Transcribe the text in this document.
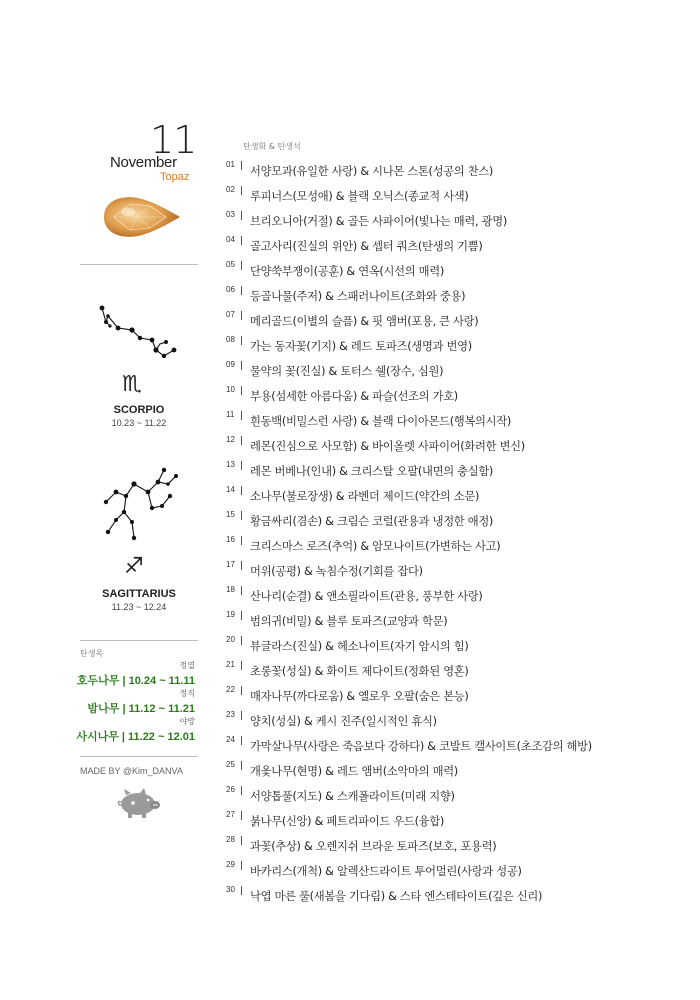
11
November
Topaz
♏
SCORPIO
10.23 ~ 11.22
♐
SAGITTARIUS
11.23 ~ 12.24
탄생목
정열
호두나무 | 10.24 ~ 11.11
정직
밤나무 | 11.12 ~ 11.21
야망
사시나무 | 11.22 ~ 12.01
MADE BY @Kim_DANVA
탄생화 & 탄생석
01서양모과(유일한 사랑) & 시나몬 스톤(성공의 찬스)
02루피너스(모성애) & 블랙 오닉스(종교적 사색)
03브리오니아(거절) & 골든 사파이어(빛나는 매력, 광명)
04골고사리(진실의 위안) & 셉터 쿼츠(탄생의 기쁨)
05단양쑥부쟁이(공훈) & 연옥(시선의 매력)
06등골나물(주저) & 스패러나이트(조화와 중용)
07메리골드(이별의 슬픔) & 핏 앰버(포용, 큰 사랑)
08가는 동자꽃(기지) & 레드 토파즈(생명과 번영)
09물약의 꽃(진실) & 토터스 쉘(장수, 심원)
10부용(섬세한 아름다움) & 파슬(선조의 가호)
11흰동백(비밀스런 사랑) & 블랙 다이아몬드(행복의시작)
12레몬(진심으로 사모함) & 바이올렛 사파이어(화려한 변신)
13레몬 버베나(인내) & 크리스탈 오팔(내면의 충실함)
14소나무(불로장생) & 라벤더 제이드(약간의 소문)
15황금싸리(겸손) & 크림슨 코럴(관용과 냉정한 애정)
16크리스마스 로즈(추억) & 암모나이트(가변하는 사고)
17머위(공평) & 녹침수정(기회를 잡다)
18산나리(순결) & 앤소필라이트(관용, 풍부한 사랑)
19범의귀(비밀) & 블루 토파즈(교양과 학문)
20뷰글라스(진실) & 헤소나이트(자기 암시의 힘)
21초롱꽃(성실) & 화이트 제다이트(정화된 영혼)
22매자나무(까다로움) & 옐로우 오팔(숨은 본능)
23양치(성실) & 케시 진주(일시적인 휴식)
24가막살나무(사랑은 죽음보다 강하다) & 코발트 캘사이트(초조감의 해방)
25개옻나무(현명) & 레드 앰버(소악마의 매력)
26서양톱풀(지도) & 스캐폴라이트(미래 지향)
27붉나무(신앙) & 페트리파이드 우드(융합)
28과꽃(추상) & 오렌지쉬 브라운 토파즈(보호, 포용력)
29바카리스(개척) & 알렉산드라이트 투어멀린(사랑과 성공)
30낙엽 마른 풀(새봄을 기다림) & 스타 엔스테타이트(깊은 신리)
